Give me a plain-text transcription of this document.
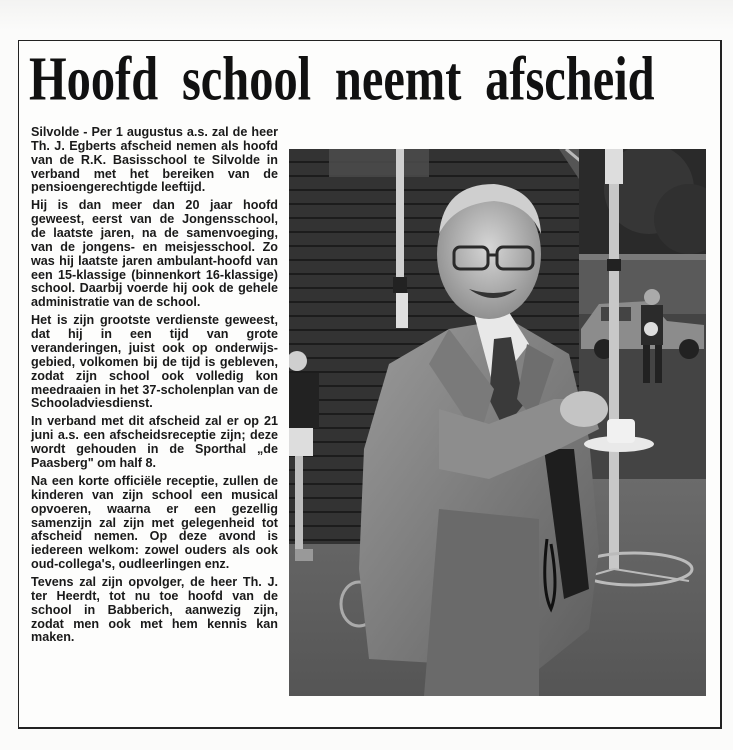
Hoofd school neemt afscheid

Silvolde - Per 1 augustus a.s. zal de heer Th. J. Egberts afscheid nemen als hoofd van de R.K. Basisschool te Silvolde in verband met het bereiken van de pensioengerechtigde leeftijd.

Hij is dan meer dan 20 jaar hoofd geweest, eerst van de Jongensschool, de laatste jaren, na de samenvoeging, van de jongens- en meisjesschool. Zo was hij laatste jaren ambulant-hoofd van een 15-klassige (binnenkort 16-klassige) school. Daarbij voerde hij ook de gehele administratie van de school.

Het is zijn grootste verdienste geweest, dat hij in een tijd van grote veranderingen, juist ook op onderwijsgebied, volkomen bij de tijd is gebleven, zodat zijn school ook volledig kon meedraaien in het 37-scholenplan van de Schooladviesdienst.

In verband met dit afscheid zal er op 21 juni a.s. een afscheidsreceptie zijn; deze wordt gehouden in de Sporthal „de Paasberg" om half 8.

Na een korte officiële receptie, zullen de kinderen van zijn school een musical opvoeren, waarna er een gezellig samenzijn zal zijn met gelegenheid tot afscheid nemen. Op deze avond is iedereen welkom: zowel ouders als ook oud-collega's, oudleerlingen enz.

Tevens zal zijn opvolger, de heer Th. J. ter Heerdt, tot nu toe hoofd van de school in Babberich, aanwezig zijn, zodat men ook met hem kennis kan maken.
